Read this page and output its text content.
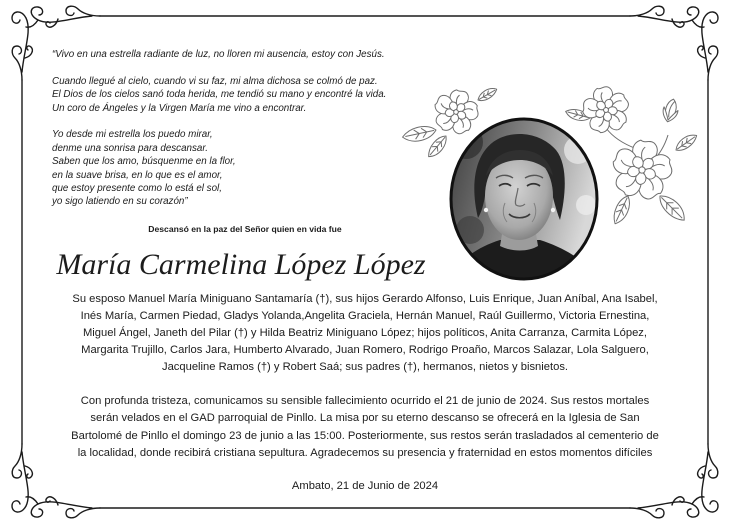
“Vivo en una estrella radiante de luz, no lloren mi ausencia, estoy con Jesús.
Cuando llegué al cielo, cuando vi su faz, mi alma dichosa se colmó de paz.
El Dios de los cielos sanó toda herida, me tendió su mano y encontré la vida.
Un coro de Ángeles y la Virgen María me vino a encontrar.
Yo desde mi estrella los puedo mirar,
denme una sonrisa para descansar.
Saben que los amo, búsquenme en la flor,
en la suave brisa, en lo que es el amor,
que estoy presente como lo está el sol,
yo sigo latiendo en su corazón”
Descansó en la paz del Señor quien en vida fue
María Carmelina López López
Su esposo Manuel María Miniguano Santamaría (†), sus hijos Gerardo Alfonso, Luis Enrique, Juan Aníbal, Ana Isabel,
Inés María, Carmen Piedad, Gladys Yolanda,Angelita Graciela, Hernán Manuel, Raúl Guillermo, Victoria Ernestina,
Miguel Ángel, Janeth del Pilar (†) y Hilda Beatriz Miniguano López; hijos políticos, Anita Carranza, Carmita López,
Margarita Trujillo, Carlos Jara, Humberto Alvarado, Juan Romero, Rodrigo Proaño, Marcos Salazar, Lola Salguero,
Jacqueline Ramos (†) y Robert Saá; sus padres (†), hermanos, nietos y bisnietos.
Con profunda tristeza, comunicamos su sensible fallecimiento ocurrido el 21 de junio de 2024. Sus restos mortales
serán velados en el GAD parroquial de Pinllo. La misa por su eterno descanso se ofrecerá en la Iglesia de San
Bartolomé de Pinllo el domingo 23 de junio a las 15:00. Posteriormente, sus restos serán trasladados al cementerio de
la localidad, donde recibirá cristiana sepultura. Agradecemos su presencia y fraternidad en estos momentos difíciles
Ambato, 21 de Junio de 2024
